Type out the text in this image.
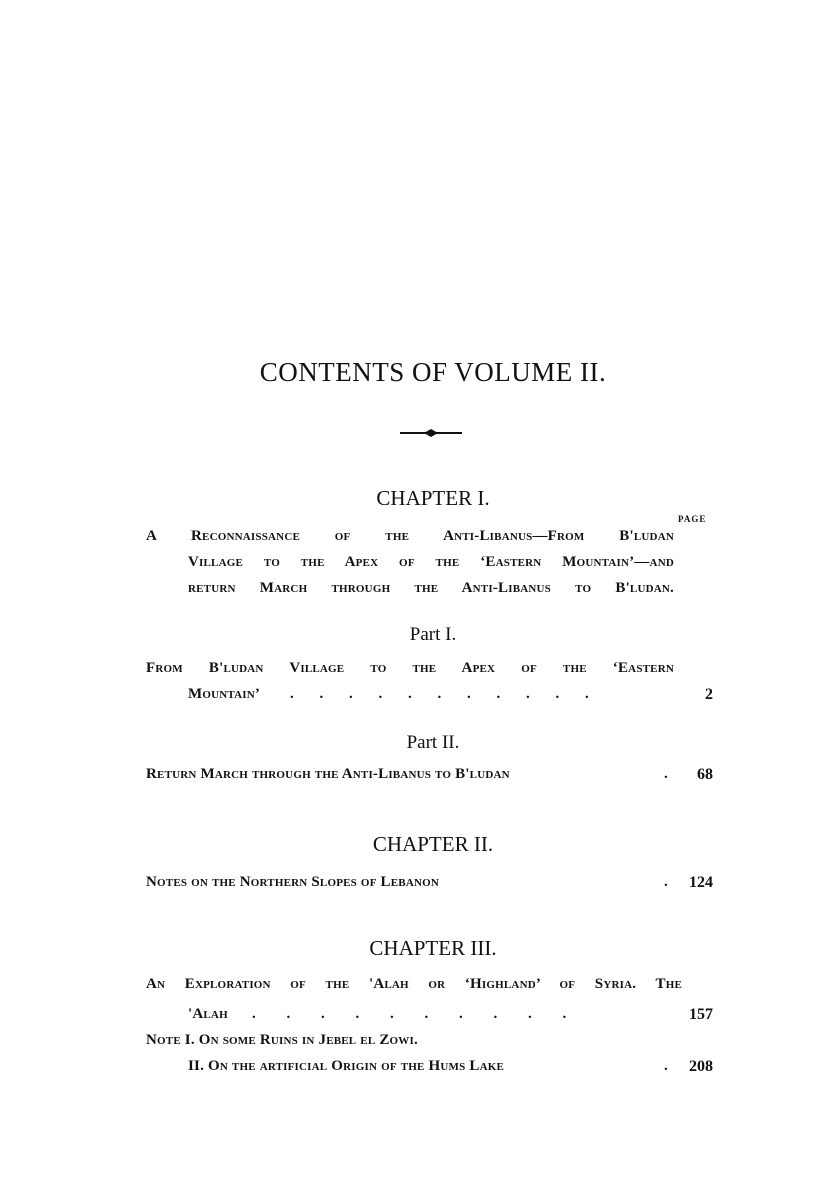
CONTENTS OF VOLUME II.
CHAPTER I.
PAGE
A Reconnaissance of the Anti-Libanus—From B'ludan
Village to the Apex of the ‘Eastern Mountain’—and
return March through the Anti-Libanus to B'ludan.
Part I.
From B'ludan Village to the Apex of the ‘Eastern
Mountain’ . . . . . . . . . . .	2
Part II.
Return March through the Anti-Libanus to B'ludan	.	68
CHAPTER II.
Notes on the Northern Slopes of Lebanon	.	124
CHAPTER III.
An Exploration of the 'Alah or ‘Highland’ of Syria. The
'Alah . . . . . . . . . .	157
Note I. On some Ruins in Jebel el Zowi.
II. On the artificial Origin of the Hums Lake	.	208
